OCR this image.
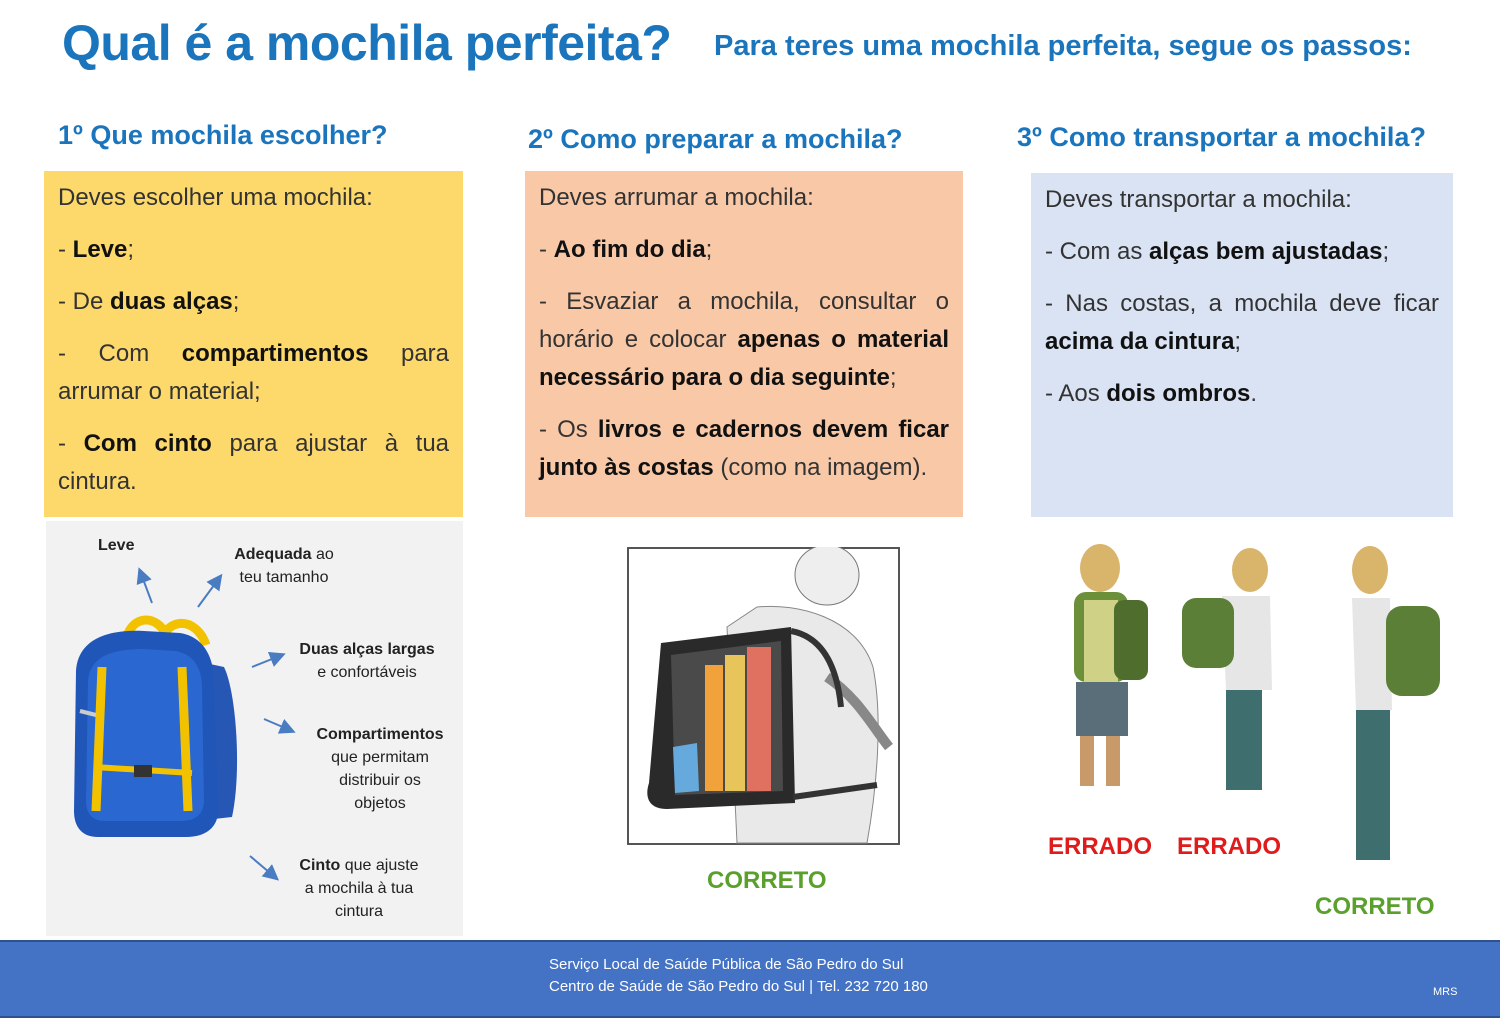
Qual é a mochila perfeita? Para teres uma mochila perfeita, segue os passos:
1º Que mochila escolher?	2º Como preparar a mochila?	3º Como transportar a mochila?

Deves escolher uma mochila:

- Leve;

- De duas alças;

- Com compartimentos para arrumar o material;

- Com cinto para ajustar à tua cintura.

Deves arrumar a mochila:

- Ao fim do dia;

- Esvaziar a mochila, consultar o horário e colocar apenas o material necessário para o dia seguinte;

- Os livros e cadernos devem ficar junto às costas (como na imagem).

Deves transportar a mochila:

- Com as alças bem ajustadas;

- Nas costas, a mochila deve ficar acima da cintura;

- Aos dois ombros.

Leve
Adequada ao
teu tamanho
Duas alças largas
e confortáveis
Compartimentos
que permitam
distribuir os
objetos
Cinto que ajuste
a mochila à tua
cintura
CORRETO
ERRADO ERRADO
CORRETO
Serviço Local de Saúde Pública de São Pedro do Sul
Centro de Saúde de São Pedro do Sul | Tel. 232 720 180	MRS
